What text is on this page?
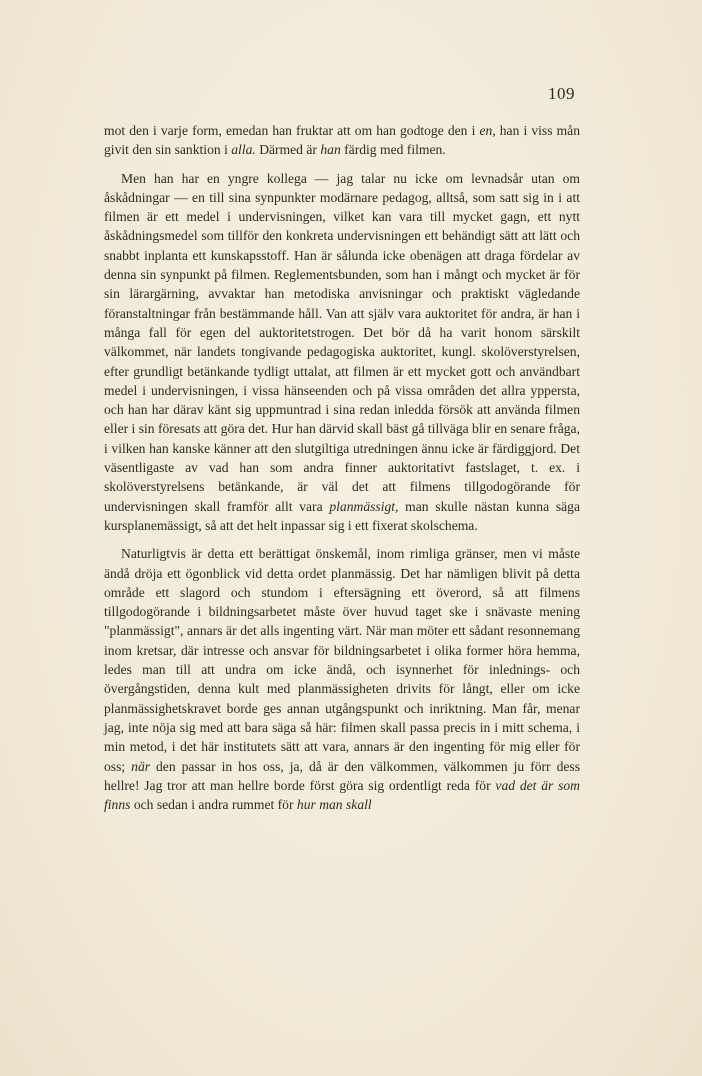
109

mot den i varje form, emedan han fruktar att om han godtoge den i en, han i viss mån givit den sin sanktion i alla. Därmed är han färdig med filmen.

Men han har en yngre kollega — jag talar nu icke om levnadsår utan om åskådningar — en till sina synpunkter modärnare pedagog, alltså, som satt sig in i att filmen är ett medel i undervisningen, vilket kan vara till mycket gagn, ett nytt åskådningsmedel som tillför den konkreta undervisningen ett behändigt sätt att lätt och snabbt inplanta ett kunskapsstoff. Han är sålunda icke obenägen att draga fördelar av denna sin synpunkt på filmen. Reglementsbunden, som han i mångt och mycket är för sin lärargärning, avvaktar han metodiska anvisningar och praktiskt vägledande föranstaltningar från bestämmande håll. Van att själv vara auktoritet för andra, är han i många fall för egen del auktoritetstrogen. Det bör då ha varit honom särskilt välkommet, när landets tongivande pedagogiska auktoritet, kungl. skolöverstyrelsen, efter grundligt betänkande tydligt uttalat, att filmen är ett mycket gott och användbart medel i undervisningen, i vissa hänseenden och på vissa områden det allra yppersta, och han har därav känt sig uppmuntrad i sina redan inledda försök att använda filmen eller i sin föresats att göra det. Hur han därvid skall bäst gå tillväga blir en senare fråga, i vilken han kanske känner att den slutgiltiga utredningen ännu icke är färdiggjord. Det väsentligaste av vad han som andra finner auktoritativt fastslaget, t. ex. i skolöverstyrelsens betänkande, är väl det att filmens tillgodogörande för undervisningen skall framför allt vara planmässigt, man skulle nästan kunna säga kursplanemässigt, så att det helt inpassar sig i ett fixerat skolschema.

Naturligtvis är detta ett berättigat önskemål, inom rimliga gränser, men vi måste ändå dröja ett ögonblick vid detta ordet planmässig. Det har nämligen blivit på detta område ett slagord och stundom i eftersägning ett överord, så att filmens tillgodogörande i bildningsarbetet måste över huvud taget ske i snävaste mening "planmässigt", annars är det alls ingenting värt. När man möter ett sådant resonnemang inom kretsar, där intresse och ansvar för bildningsarbetet i olika former höra hemma, ledes man till att undra om icke ändå, och isynnerhet för inlednings- och övergångstiden, denna kult med planmässigheten drivits för långt, eller om icke planmässighetskravet borde ges annan utgångspunkt och inriktning. Man får, menar jag, inte nöja sig med att bara säga så här: filmen skall passa precis in i mitt schema, i min metod, i det här institutets sätt att vara, annars är den ingenting för mig eller för oss; när den passar in hos oss, ja, då är den välkommen, välkommen ju förr dess hellre! Jag tror att man hellre borde först göra sig ordentligt reda för vad det är som finns och sedan i andra rummet för hur man skall
